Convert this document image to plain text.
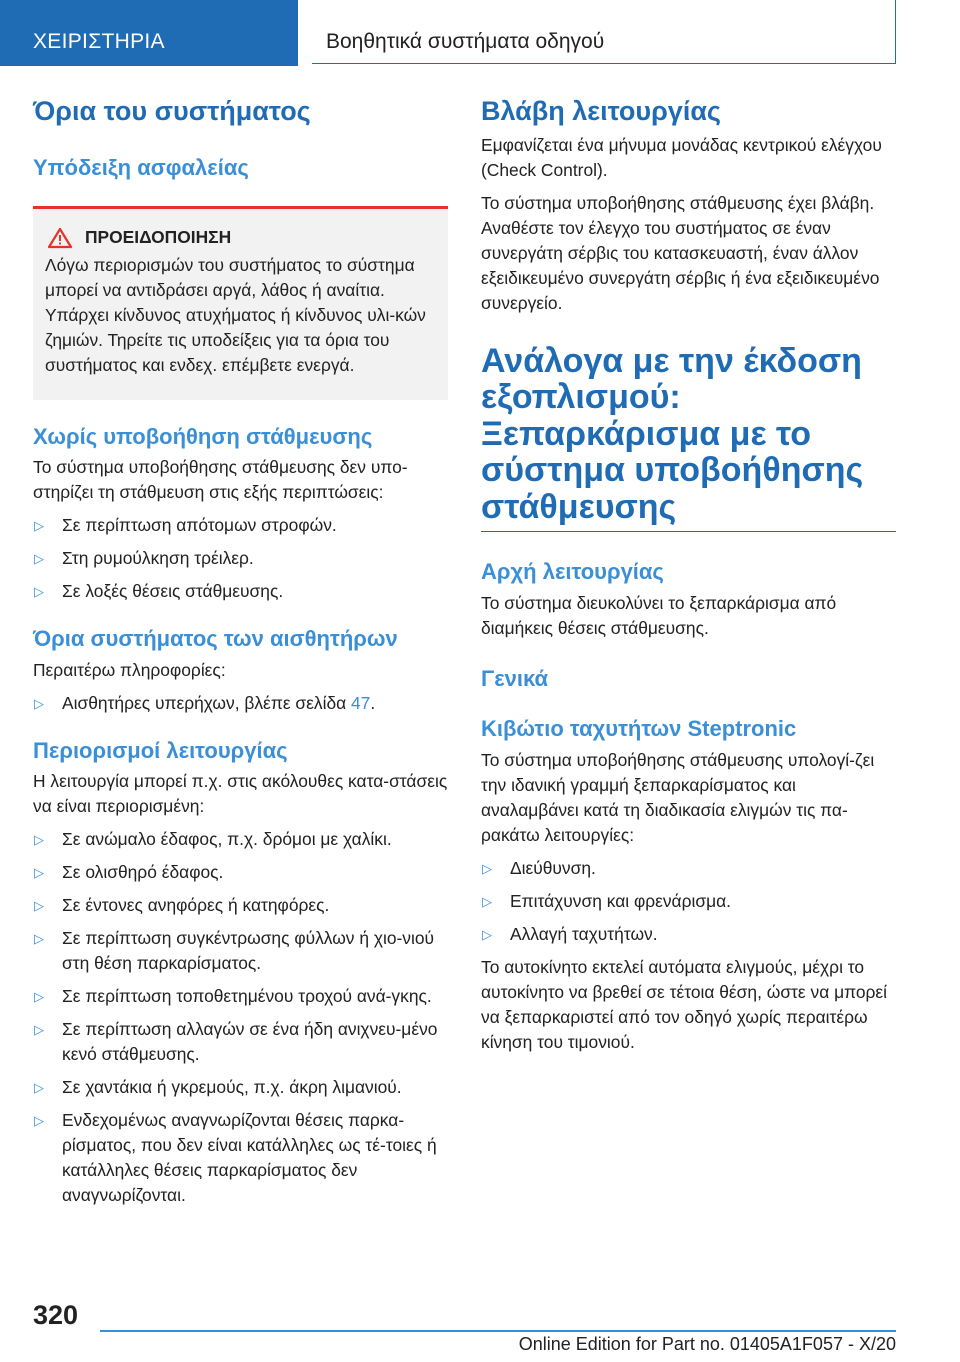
ΧΕΙΡΙΣΤΗΡΙΑ	Βοηθητικά συστήματα οδηγού
Όρια του συστήματος
Υπόδειξη ασφαλείας
ΠΡΟΕΙΔΟΠΟΙΗΣΗ

Λόγω περιορισμών του συστήματος το σύστημα μπορεί να αντιδράσει αργά, λάθος ή αναίτια. Υπάρχει κίνδυνος ατυχήματος ή κίνδυνος υλι-κών ζημιών. Τηρείτε τις υποδείξεις για τα όρια του συστήματος και ενδεχ. επέμβετε ενεργά.

Χωρίς υποβοήθηση στάθμευσης

Το σύστημα υποβοήθησης στάθμευσης δεν υπο-στηρίζει τη στάθμευση στις εξής περιπτώσεις:

▷ Σε περίπτωση απότομων στροφών.
▷ Στη ρυμούλκηση τρέιλερ.
▷ Σε λοξές θέσεις στάθμευσης.
Όρια συστήματος των αισθητήρων

Περαιτέρω πληροφορίες:

▷ Αισθητήρες υπερήχων, βλέπε σελίδα 47.
Περιορισμοί λειτουργίας

Η λειτουργία μπορεί π.χ. στις ακόλουθες κατα-στάσεις να είναι περιορισμένη:

▷ Σε ανώμαλο έδαφος, π.χ. δρόμοι με χαλίκι.
▷ Σε ολισθηρό έδαφος.
▷ Σε έντονες ανηφόρες ή κατηφόρες.
▷ Σε περίπτωση συγκέντρωσης φύλλων ή χιο-νιού στη θέση παρκαρίσματος.
▷ Σε περίπτωση τοποθετημένου τροχού ανά-γκης.
▷ Σε περίπτωση αλλαγών σε ένα ήδη ανιχνευ-μένο κενό στάθμευσης.
▷ Σε χαντάκια ή γκρεμούς, π.χ. άκρη λιμανιού.
▷ Ενδεχομένως αναγνωρίζονται θέσεις παρκα-ρίσματος, που δεν είναι κατάλληλες ως τέ-τοιες ή κατάλληλες θέσεις παρκαρίσματος δεν αναγνωρίζονται.
Βλάβη λειτουργίας

Εμφανίζεται ένα μήνυμα μονάδας κεντρικού ελέγχου (Check Control).

Το σύστημα υποβοήθησης στάθμευσης έχει βλάβη. Αναθέστε τον έλεγχο του συστήματος σε έναν συνεργάτη σέρβις του κατασκευαστή, έναν άλλον εξειδικευμένο συνεργάτη σέρβις ή ένα εξειδικευμένο συνεργείο.

Ανάλογα με την έκδοση εξοπλισμού: Ξεπαρκάρισμα με το σύστημα υποβοήθησης στάθμευσης
Αρχή λειτουργίας

Το σύστημα διευκολύνει το ξεπαρκάρισμα από διαμήκεις θέσεις στάθμευσης.

Γενικά
Κιβώτιο ταχυτήτων Steptronic

Το σύστημα υποβοήθησης στάθμευσης υπολογί-ζει την ιδανική γραμμή ξεπαρκαρίσματος και αναλαμβάνει κατά τη διαδικασία ελιγμών τις πα-ρακάτω λειτουργίες:

▷ Διεύθυνση.
▷ Επιτάχυνση και φρενάρισμα.
▷ Αλλαγή ταχυτήτων.

Το αυτοκίνητο εκτελεί αυτόματα ελιγμούς, μέχρι το αυτοκίνητο να βρεθεί σε τέτοια θέση, ώστε να μπορεί να ξεπαρκαριστεί από τον οδηγό χωρίς περαιτέρω κίνηση του τιμονιού.

320
Online Edition for Part no. 01405A1F057 - X/20
